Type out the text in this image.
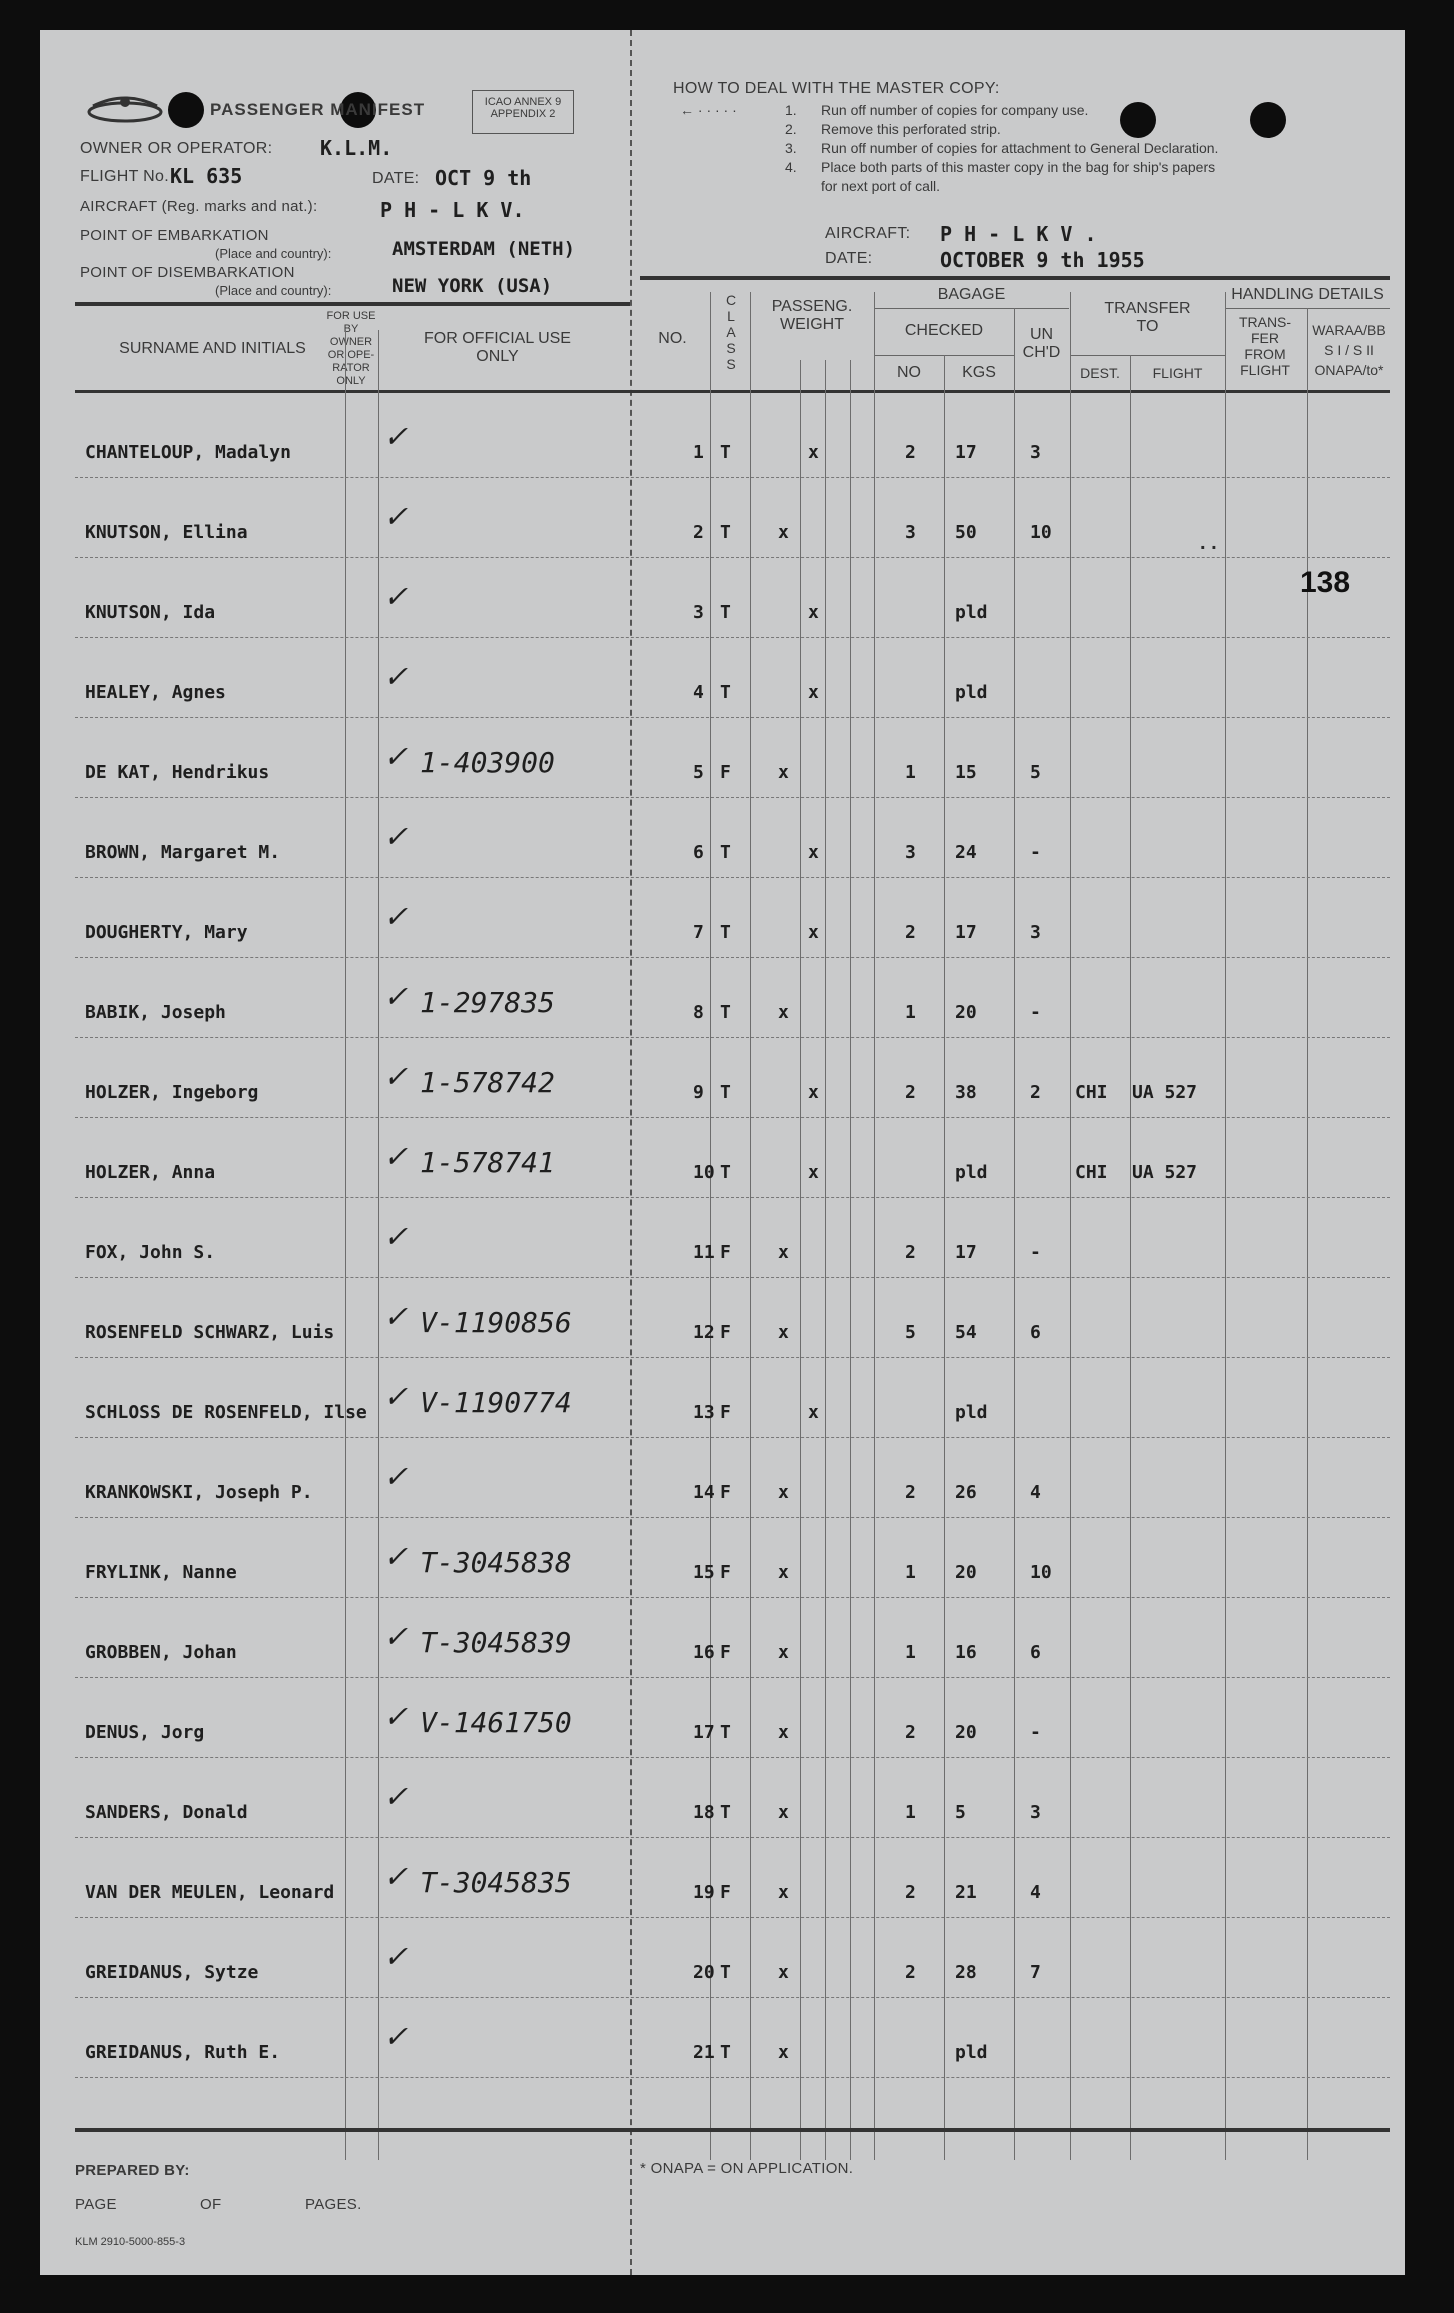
PASSENGER MANIFEST	ICAO ANNEX 9
APPENDIX 2
OWNER OR OPERATOR: K.L.M.
FLIGHT No. KL 635	DATE: OCT 9 th
AIRCRAFT (Reg. marks and nat.):	P H - L K V.
POINT OF EMBARKATION
(Place and country):	AMSTERDAM (NETH)
POINT OF DISEMBARKATION
(Place and country):	NEW YORK (USA)
HOW TO DEAL WITH THE MASTER COPY:
← · · · · ·	1. Run off number of copies for company use.
2. Remove this perforated strip.
3. Run off number of copies for attachment to General Declaration.
4. Place both parts of this master copy in the bag for ship's papers
for next port of call.
AIRCRAFT: P H - L K V .
DATE:	OCTOBER 9 th 1955
SURNAME AND INITIALS
FOR USE
BY
OWNER
OR OPE-
RATOR
ONLY
FOR OFFICIAL USE
ONLY
NO.
C
L
A
S
S
PASSENG.
WEIGHT
BAGAGE
CHECKED
NO	KGS
UN
CH'D
TRANSFER
TO
DEST.	FLIGHT
HANDLING DETAILS
TRANS-
FER
FROM
FLIGHT
WARAA/BB
S I / S II
ONAPA/to*
. .
138
CHANTELOUP, Madalyn	✓	1 T	x	2 17	3
KNUTSON, Ellina	✓	2 T	x	3 50	10
KNUTSON, Ida	✓	3 T	x	pld
HEALEY, Agnes	✓	4 T	x	pld
DE KAT, Hendrikus	✓ 1-403900	5 F	x	1 15	5
BROWN, Margaret M.	✓	6 T	x	3 24	-
DOUGHERTY, Mary	✓	7 T	x	2 17	3
BABIK, Joseph	✓ 1-297835	8 T	x	1 20	-
HOLZER, Ingeborg	✓ 1-578742	9 T	x	2 38	2 CHI UA 527
HOLZER, Anna	✓ 1-578741	10 T	x	pld	CHI UA 527
FOX, John S.	✓	11 F	x	2 17	-
ROSENFELD SCHWARZ, Luis ✓ V-1190856	12 F	x	5 54	6
SCHLOSS DE ROSENFELD, Ilse ✓ V-1190774	13 F	x	pld
KRANKOWSKI, Joseph P. ✓	14 F	x	2 26	4
FRYLINK, Nanne	✓ T-3045838	15 F	x	1 20	10
GROBBEN, Johan	✓ T-3045839	16 F	x	1 16	6
DENUS, Jorg	✓ V-1461750	17 T	x	2 20	-
SANDERS, Donald	✓	18 T	x	1 5	3
VAN DER MEULEN, Leonard ✓ T-3045835	19 F	x	2 21	4
GREIDANUS, Sytze	✓	20 T	x	2 28	7
GREIDANUS, Ruth E.	✓	21 T	x	pld
PREPARED BY:
PAGE	OF	PAGES.
KLM 2910-5000-855-3
* ONAPA = ON APPLICATION.
